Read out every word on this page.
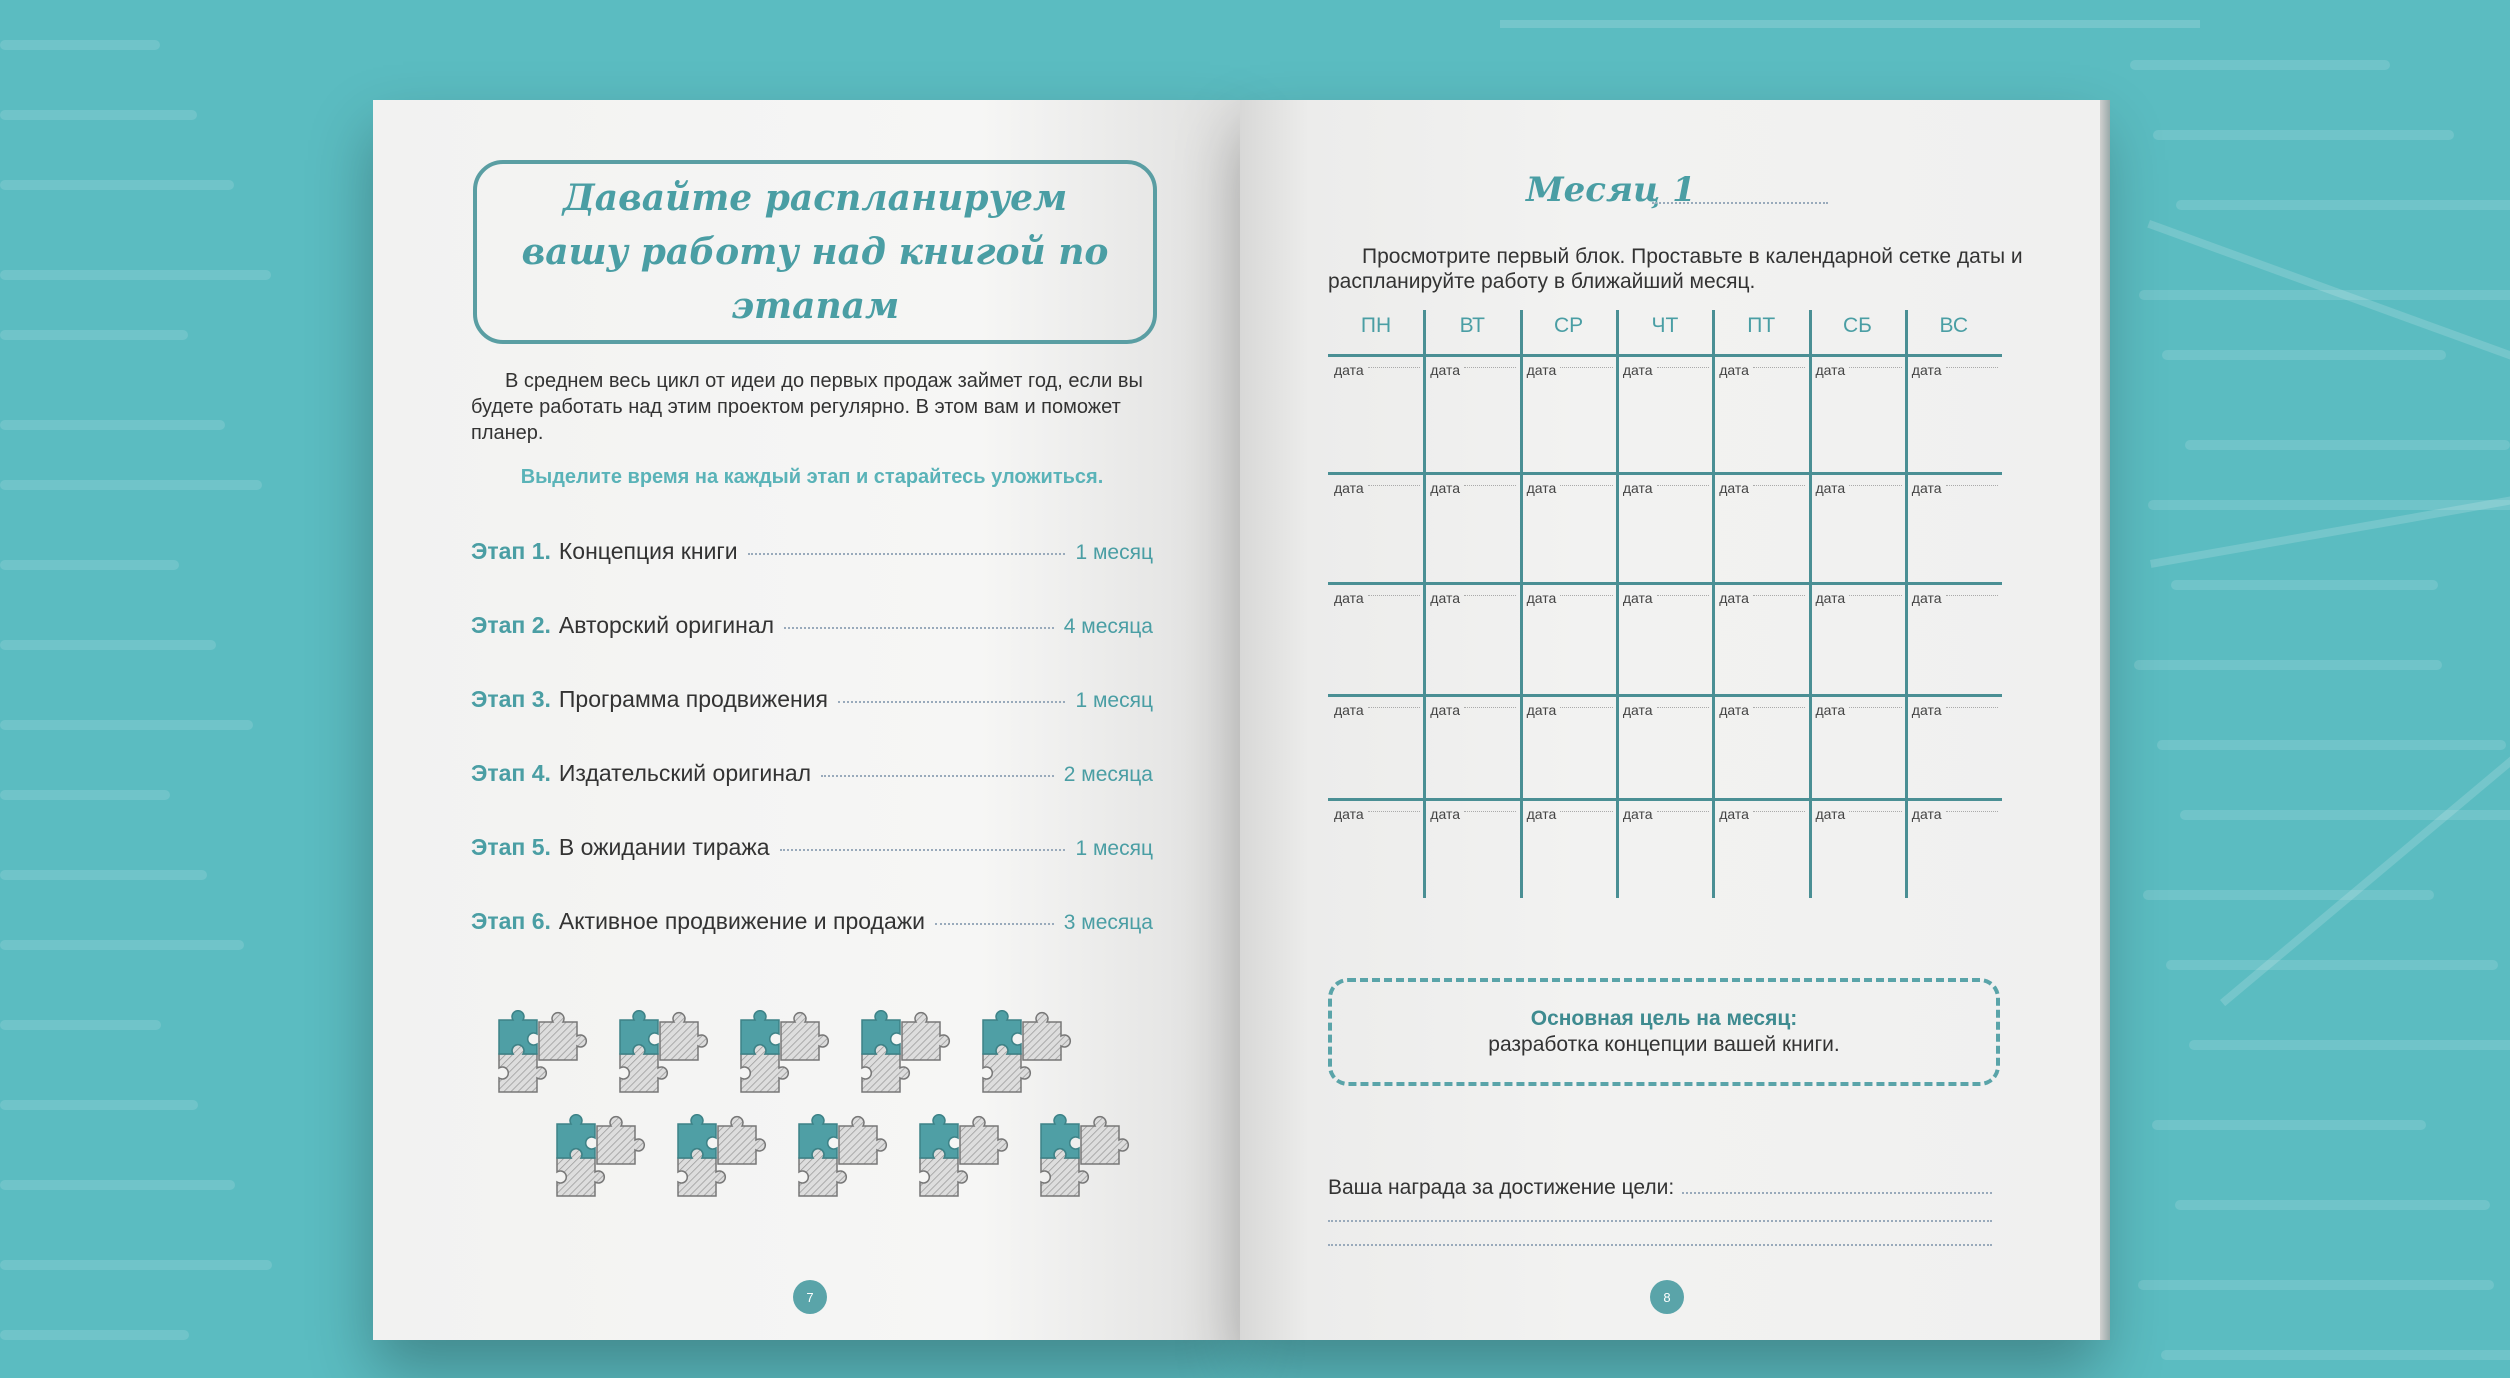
Давайте распланируем вашу работу над книгой по этапам
В среднем весь цикл от идеи до первых продаж займет год, если вы будете работать над этим проектом регулярно. В этом вам и поможет планер.
Выделите время на каждый этап и старайтесь уложиться.
Этап 1. Концепция книги	1 месяц
Этап 2. Авторский оригинал	4 месяца
Этап 3. Программа продвижения	1 месяц
Этап 4. Издательский оригинал	2 месяца
Этап 5. В ожидании тиража	1 месяц
Этап 6. Активное продвижение и продажи	3 месяца
7
Месяц 1
Просмотрите первый блок. Проставьте в календарной сетке даты и распланируйте работу в ближайший месяц.
ПН	ВТ	СР	ЧТ	ПТ	СБ	ВС
дата	дата	дата	дата	дата	дата	дата
дата	дата	дата	дата	дата	дата	дата
дата	дата	дата	дата	дата	дата	дата
дата	дата	дата	дата	дата	дата	дата
дата	дата	дата	дата	дата	дата	дата
Основная цель на месяц:
разработка концепции вашей книги.
Ваша награда за достижение цели:
8
